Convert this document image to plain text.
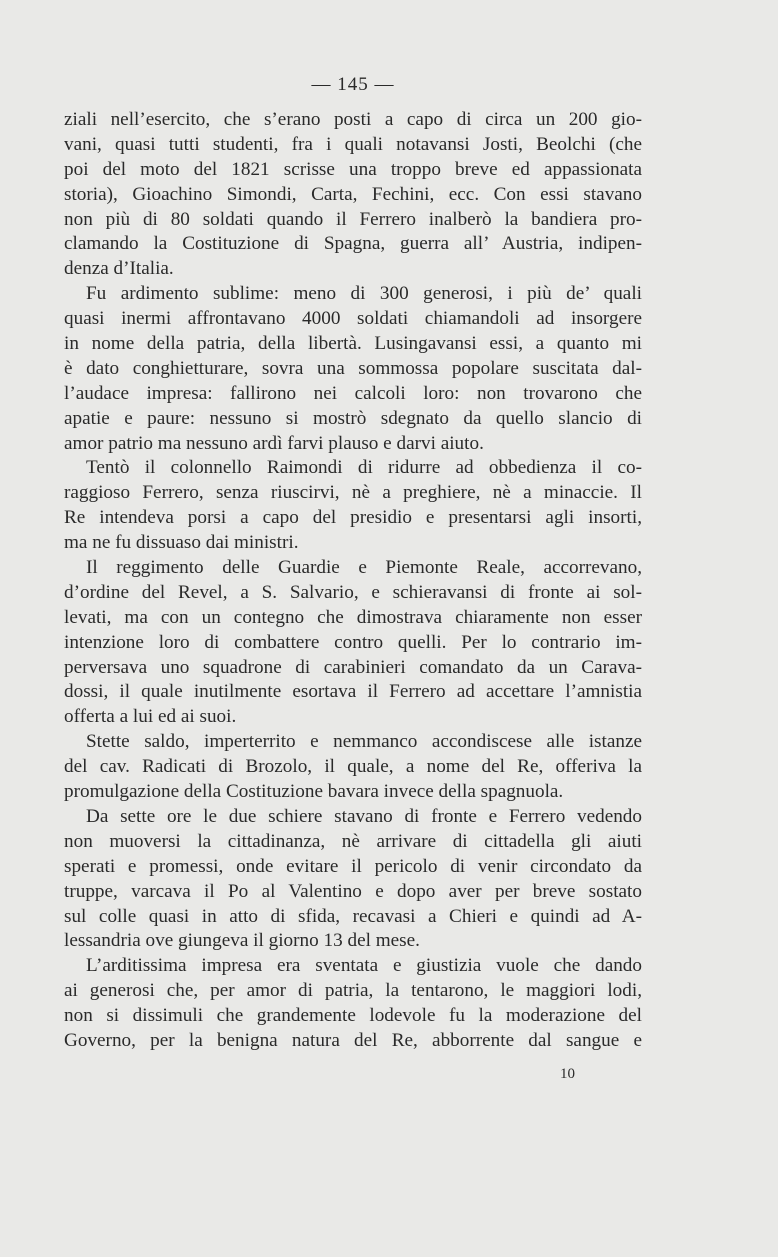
— 145 —
ziali nell’esercito, che s’erano posti a capo di circa un 200 gio-
vani, quasi tutti studenti, fra i quali notavansi Josti, Beolchi (che
poi del moto del 1821 scrisse una troppo breve ed appassionata
storia), Gioachino Simondi, Carta, Fechini, ecc. Con essi stavano
non più di 80 soldati quando il Ferrero inalberò la bandiera pro-
clamando la Costituzione di Spagna, guerra all’ Austria, indipen-
denza d’Italia.
Fu ardimento sublime: meno di 300 generosi, i più de’ quali
quasi inermi affrontavano 4000 soldati chiamandoli ad insorgere
in nome della patria, della libertà. Lusingavansi essi, a quanto mi
è dato conghietturare, sovra una sommossa popolare suscitata dal-
l’audace impresa: fallirono nei calcoli loro: non trovarono che
apatie e paure: nessuno si mostrò sdegnato da quello slancio di
amor patrio ma nessuno ardì farvi plauso e darvi aiuto.
Tentò il colonnello Raimondi di ridurre ad obbedienza il co-
raggioso Ferrero, senza riuscirvi, nè a preghiere, nè a minaccie. Il
Re intendeva porsi a capo del presidio e presentarsi agli insorti,
ma ne fu dissuaso dai ministri.
Il reggimento delle Guardie e Piemonte Reale, accorrevano,
d’ordine del Revel, a S. Salvario, e schieravansi di fronte ai sol-
levati, ma con un contegno che dimostrava chiaramente non esser
intenzione loro di combattere contro quelli. Per lo contrario im-
perversava uno squadrone di carabinieri comandato da un Carava-
dossi, il quale inutilmente esortava il Ferrero ad accettare l’amnistia
offerta a lui ed ai suoi.
Stette saldo, imperterrito e nemmanco accondiscese alle istanze
del cav. Radicati di Brozolo, il quale, a nome del Re, offeriva la
promulgazione della Costituzione bavara invece della spagnuola.
Da sette ore le due schiere stavano di fronte e Ferrero vedendo
non muoversi la cittadinanza, nè arrivare di cittadella gli aiuti
sperati e promessi, onde evitare il pericolo di venir circondato da
truppe, varcava il Po al Valentino e dopo aver per breve sostato
sul colle quasi in atto di sfida, recavasi a Chieri e quindi ad A-
lessandria ove giungeva il giorno 13 del mese.
L’arditissima impresa era sventata e giustizia vuole che dando
ai generosi che, per amor di patria, la tentarono, le maggiori lodi,
non si dissimuli che grandemente lodevole fu la moderazione del
Governo, per la benigna natura del Re, abborrente dal sangue e
10
